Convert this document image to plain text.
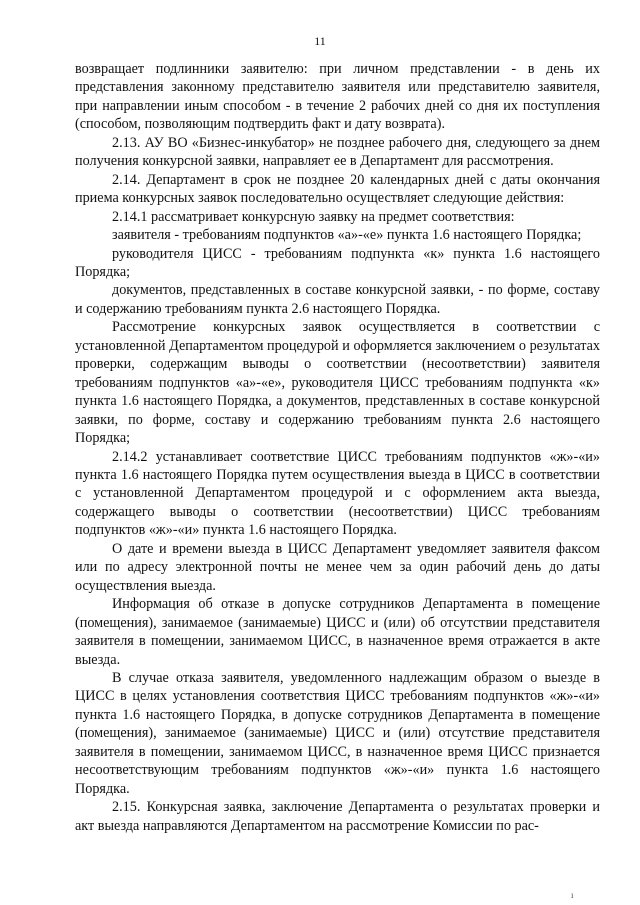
11

возвращает подлинники заявителю: при личном представлении - в день их представления законному представителю заявителя или представителю заявителя, при направлении иным способом - в течение 2 рабочих дней со дня их поступления (способом, позволяющим подтвердить факт и дату возврата).

2.13. АУ ВО «Бизнес-инкубатор» не позднее рабочего дня, следующего за днем получения конкурсной заявки, направляет ее в Департамент для рассмотрения.

2.14. Департамент в срок не позднее 20 календарных дней с даты окончания приема конкурсных заявок последовательно осуществляет следующие действия:

2.14.1 рассматривает конкурсную заявку на предмет соответствия:

заявителя - требованиям подпунктов «а»-«е» пункта 1.6 настоящего Порядка;

руководителя ЦИСС - требованиям подпункта «к» пункта 1.6 настоящего Порядка;

документов, представленных в составе конкурсной заявки, - по форме, составу и содержанию требованиям пункта 2.6 настоящего Порядка.

Рассмотрение конкурсных заявок осуществляется в соответствии с установленной Департаментом процедурой и оформляется заключением о результатах проверки, содержащим выводы о соответствии (несоответствии) заявителя требованиям подпунктов «а»-«е», руководителя ЦИСС требованиям подпункта «к» пункта 1.6 настоящего Порядка, а документов, представленных в составе конкурсной заявки, по форме, составу и содержанию требованиям пункта 2.6 настоящего Порядка;

2.14.2 устанавливает соответствие ЦИСС требованиям подпунктов «ж»-«и» пункта 1.6 настоящего Порядка путем осуществления выезда в ЦИСС в соответствии с установленной Департаментом процедурой и с оформлением акта выезда, содержащего выводы о соответствии (несоответствии) ЦИСС требованиям подпунктов «ж»-«и» пункта 1.6 настоящего Порядка.

О дате и времени выезда в ЦИСС Департамент уведомляет заявителя факсом или по адресу электронной почты не менее чем за один рабочий день до даты осуществления выезда.

Информация об отказе в допуске сотрудников Департамента в помещение (помещения), занимаемое (занимаемые) ЦИСС и (или) об отсутствии представителя заявителя в помещении, занимаемом ЦИСС, в назначенное время отражается в акте выезда.

В случае отказа заявителя, уведомленного надлежащим образом о выезде в ЦИСС в целях установления соответствия ЦИСС требованиям подпунктов «ж»-«и» пункта 1.6 настоящего Порядка, в допуске сотрудников Департамента в помещение (помещения), занимаемое (занимаемые) ЦИСС и (или) отсутствие представителя заявителя в помещении, занимаемом ЦИСС, в назначенное время ЦИСС признается несоответствующим требованиям подпунктов «ж»-«и» пункта 1.6 настоящего Порядка.

2.15. Конкурсная заявка, заключение Департамента о результатах проверки и акт выезда направляются Департаментом на рассмотрение Комиссии по рас-

ı
